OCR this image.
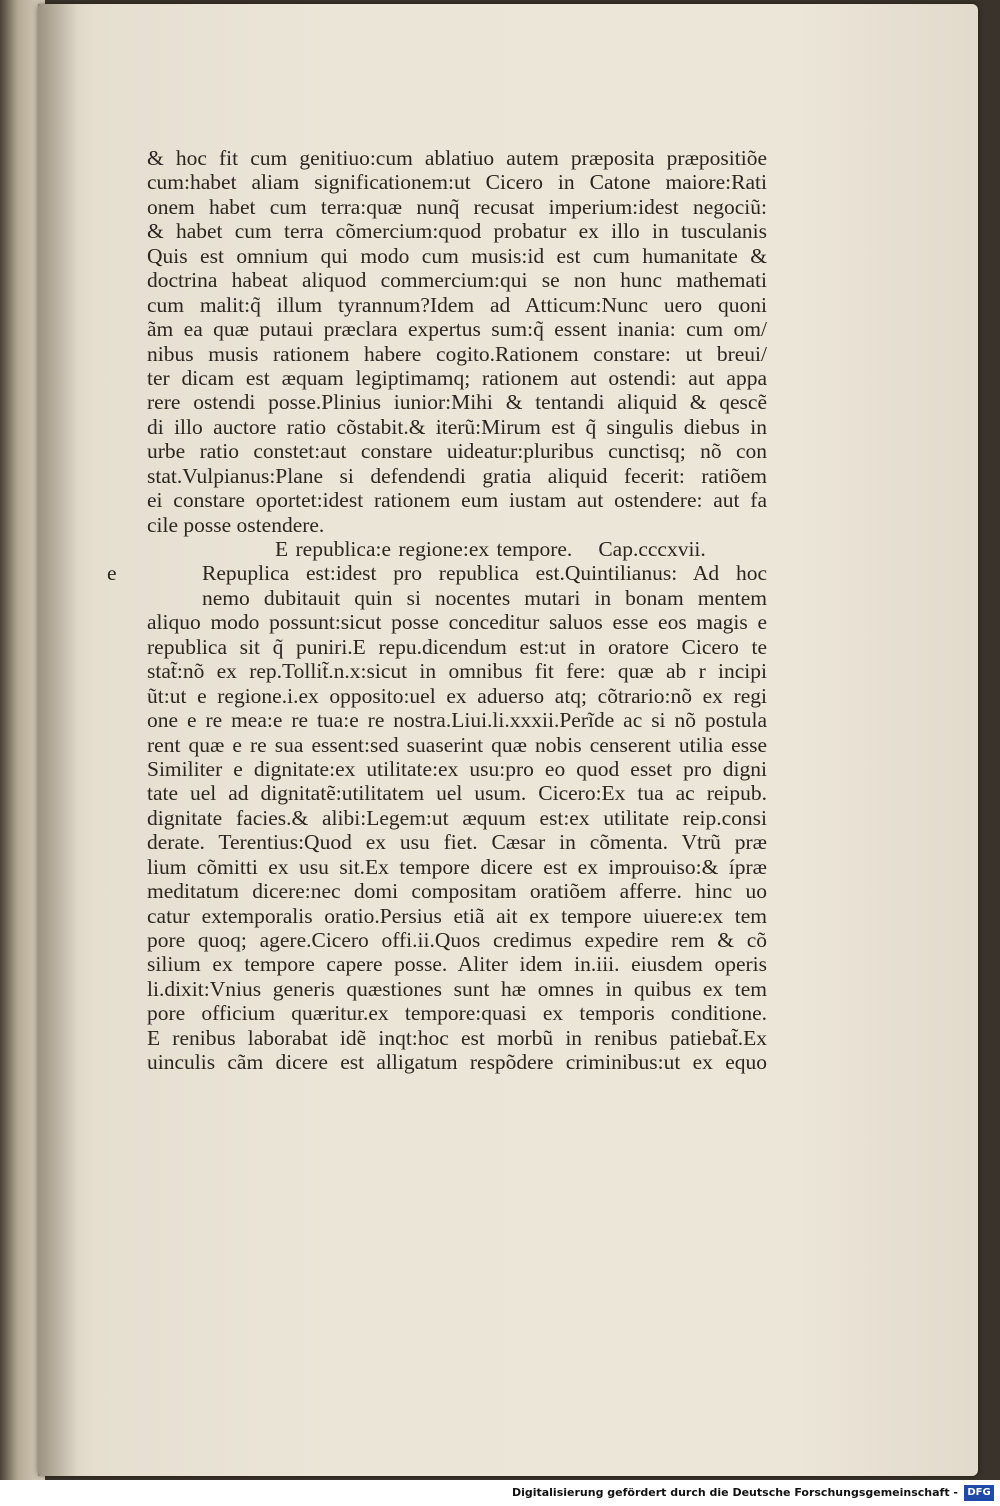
& hoc fit cum genitiuo:cum ablatiuo autem præposita præpositiõe
cum:habet aliam significationem:ut Cicero in Catone maiore:Rati
onem habet cum terra:quæ nunq̃ recusat imperium:idest negociũ:
& habet cum terra cõmercium:quod probatur ex illo in tusculanis
Quis est omnium qui modo cum musis:id est cum humanitate &
doctrina habeat aliquod commercium:qui se non hunc mathemati
cum malit:q̃ illum tyrannum?Idem ad Atticum:Nunc uero quoni
ãm ea quæ putaui præclara expertus sum:q̃ essent inania: cum om/
nibus musis rationem habere cogito.Rationem constare: ut breui/
ter dicam est æquam legiptimamq; rationem aut ostendi: aut appa
rere ostendi posse.Plinius iunior:Mihi & tentandi aliquid & qescẽ
di illo auctore ratio cõstabit.& iterũ:Mirum est q̃ singulis diebus in
urbe ratio constet:aut constare uideatur:pluribus cunctisq; nõ con
stat.Vulpianus:Plane si defendendi gratia aliquid fecerit: ratiõem
ei constare oportet:idest rationem eum iustam aut ostendere: aut fa
cile posse ostendere.
E republica:e regione:ex tempore. Cap.cccxvii.
e	Repuplica est:idest pro republica est.Quintilianus: Ad hoc
nemo dubitauit quin si nocentes mutari in bonam mentem
aliquo modo possunt:sicut posse conceditur saluos esse eos magis e
republica sit q̃ puniri.E repu.dicendum est:ut in oratore Cicero te
stat̃:nõ ex rep.Tollit̃.n.x:sicut in omnibus fit fere: quæ ab r incipi
ũt:ut e regione.i.ex opposito:uel ex aduerso atq; cõtrario:nõ ex regi
one e re mea:e re tua:e re nostra.Liui.li.xxxii.Perĩde ac si nõ postula
rent quæ e re sua essent:sed suaserint quæ nobis censerent utilia esse
Similiter e dignitate:ex utilitate:ex usu:pro eo quod esset pro digni
tate uel ad dignitatẽ:utilitatem uel usum. Cicero:Ex tua ac reipub.
dignitate facies.& alibi:Legem:ut æquum est:ex utilitate reip.consi
derate. Terentius:Quod ex usu fiet. Cæsar in cõmenta. Vtrũ præ
lium cõmitti ex usu sit.Ex tempore dicere est ex improuiso:& ípræ
meditatum dicere:nec domi compositam oratiõem afferre. hinc uo
catur extemporalis oratio.Persius etiã ait ex tempore uiuere:ex tem
pore quoq; agere.Cicero offi.ii.Quos credimus expedire rem & cõ
silium ex tempore capere posse. Aliter idem in.iii. eiusdem operis
li.dixit:Vnius generis quæstiones sunt hæ omnes in quibus ex tem
pore officium quæritur.ex tempore:quasi ex temporis conditione.
E renibus laborabat idẽ inqt:hoc est morbũ in renibus patiebat̃.Ex
uinculis cãm dicere est alligatum respõdere criminibus:ut ex equo
Digitalisierung gefördert durch die Deutsche Forschungsgemeinschaft - DFG
